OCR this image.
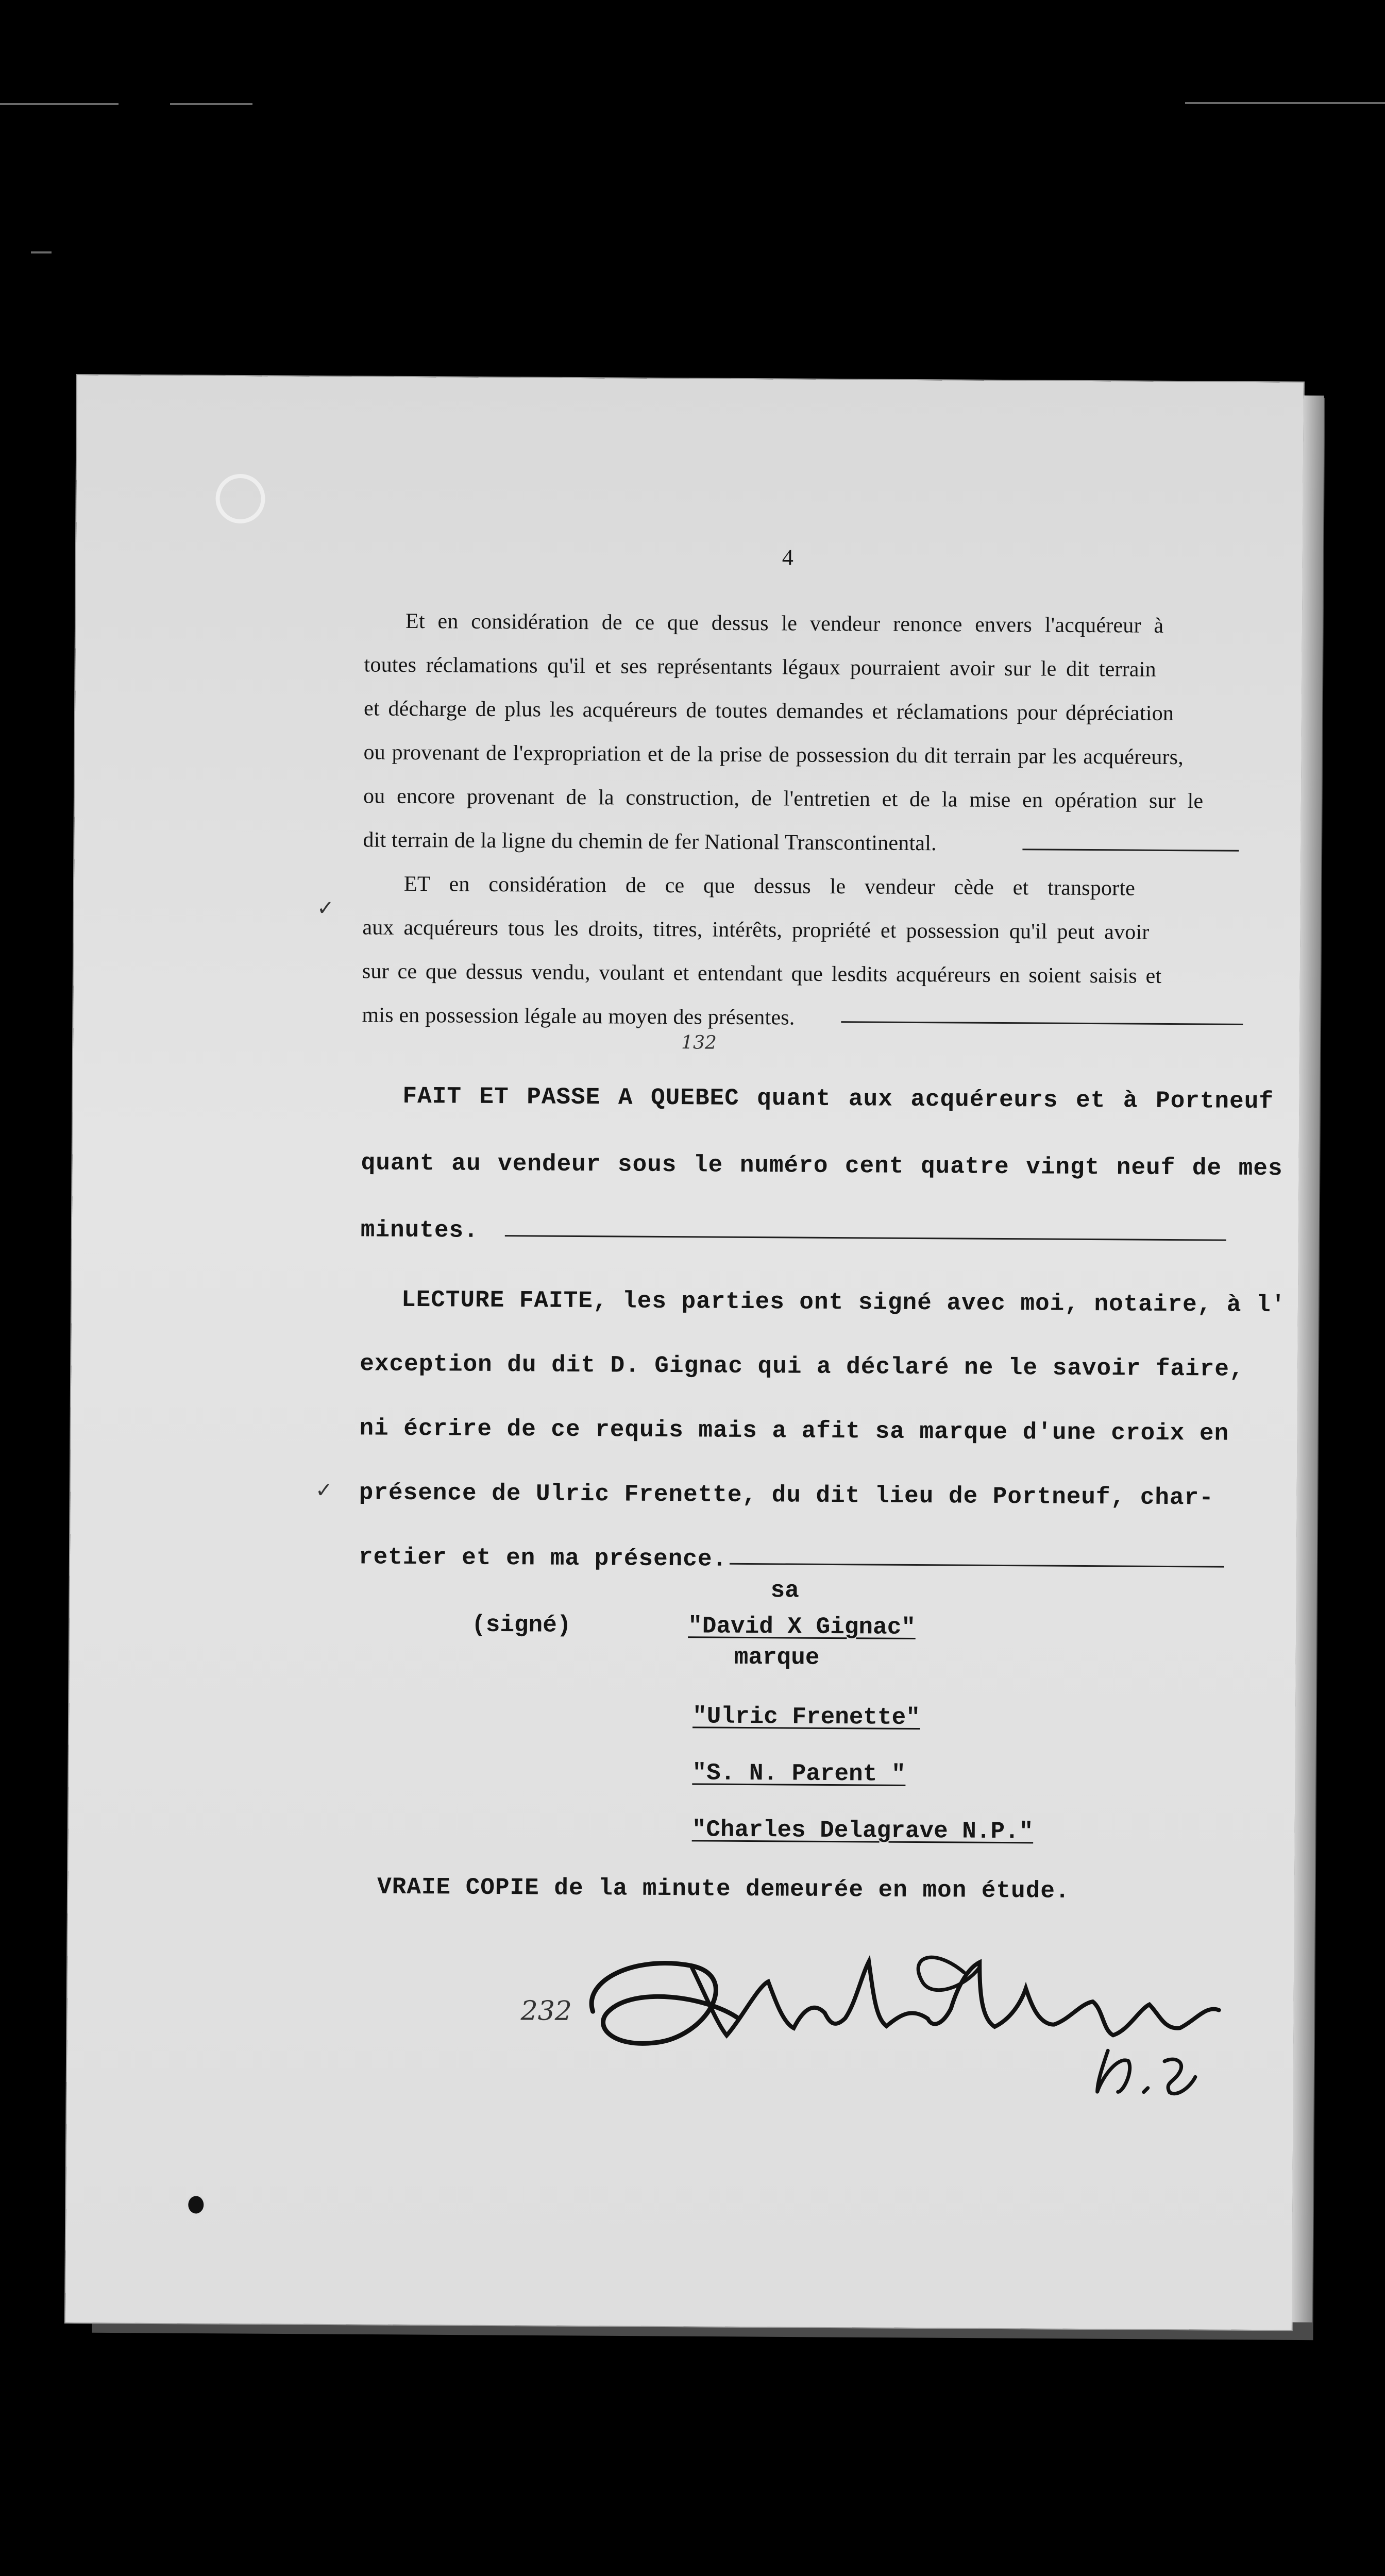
4
Et en considération de ce que dessus le vendeur renonce envers l'acquéreur à
toutes réclamations qu'il et ses représentants légaux pourraient avoir sur le dit terrain
et décharge de plus les acquéreurs de toutes demandes et réclamations pour dépréciation
ou provenant de l'expropriation et de la prise de possession du dit terrain par les acquéreurs,
ou encore provenant de la construction, de l'entretien et de la mise en opération sur le
dit terrain de la ligne du chemin de fer National Transcontinental.
ET en considération de ce que dessus le vendeur cède et transporte
aux acquéreurs tous les droits, titres, intérêts, propriété et possession qu'il peut avoir
sur ce que dessus vendu, voulant et entendant que lesdits acquéreurs en soient saisis et
mis en possession légale au moyen des présentes.
132
FAIT ET PASSE A QUEBEC quant aux acquéreurs et à Portneuf
quant au vendeur sous le numéro cent quatre vingt neuf de mes
minutes.
LECTURE FAITE, les parties ont signé avec moi, notaire, à l'
exception du dit D. Gignac qui a déclaré ne le savoir faire,
ni écrire de ce requis mais a afit sa marque d'une croix en
présence de Ulric Frenette, du dit lieu de Portneuf, char-
retier et en ma présence.
sa
(signé)	"David X Gignac"
marque
"Ulric Frenette"
"S. N. Parent "
"Charles Delagrave N.P."
VRAIE COPIE de la minute demeurée en mon étude.
232
✓
✓
